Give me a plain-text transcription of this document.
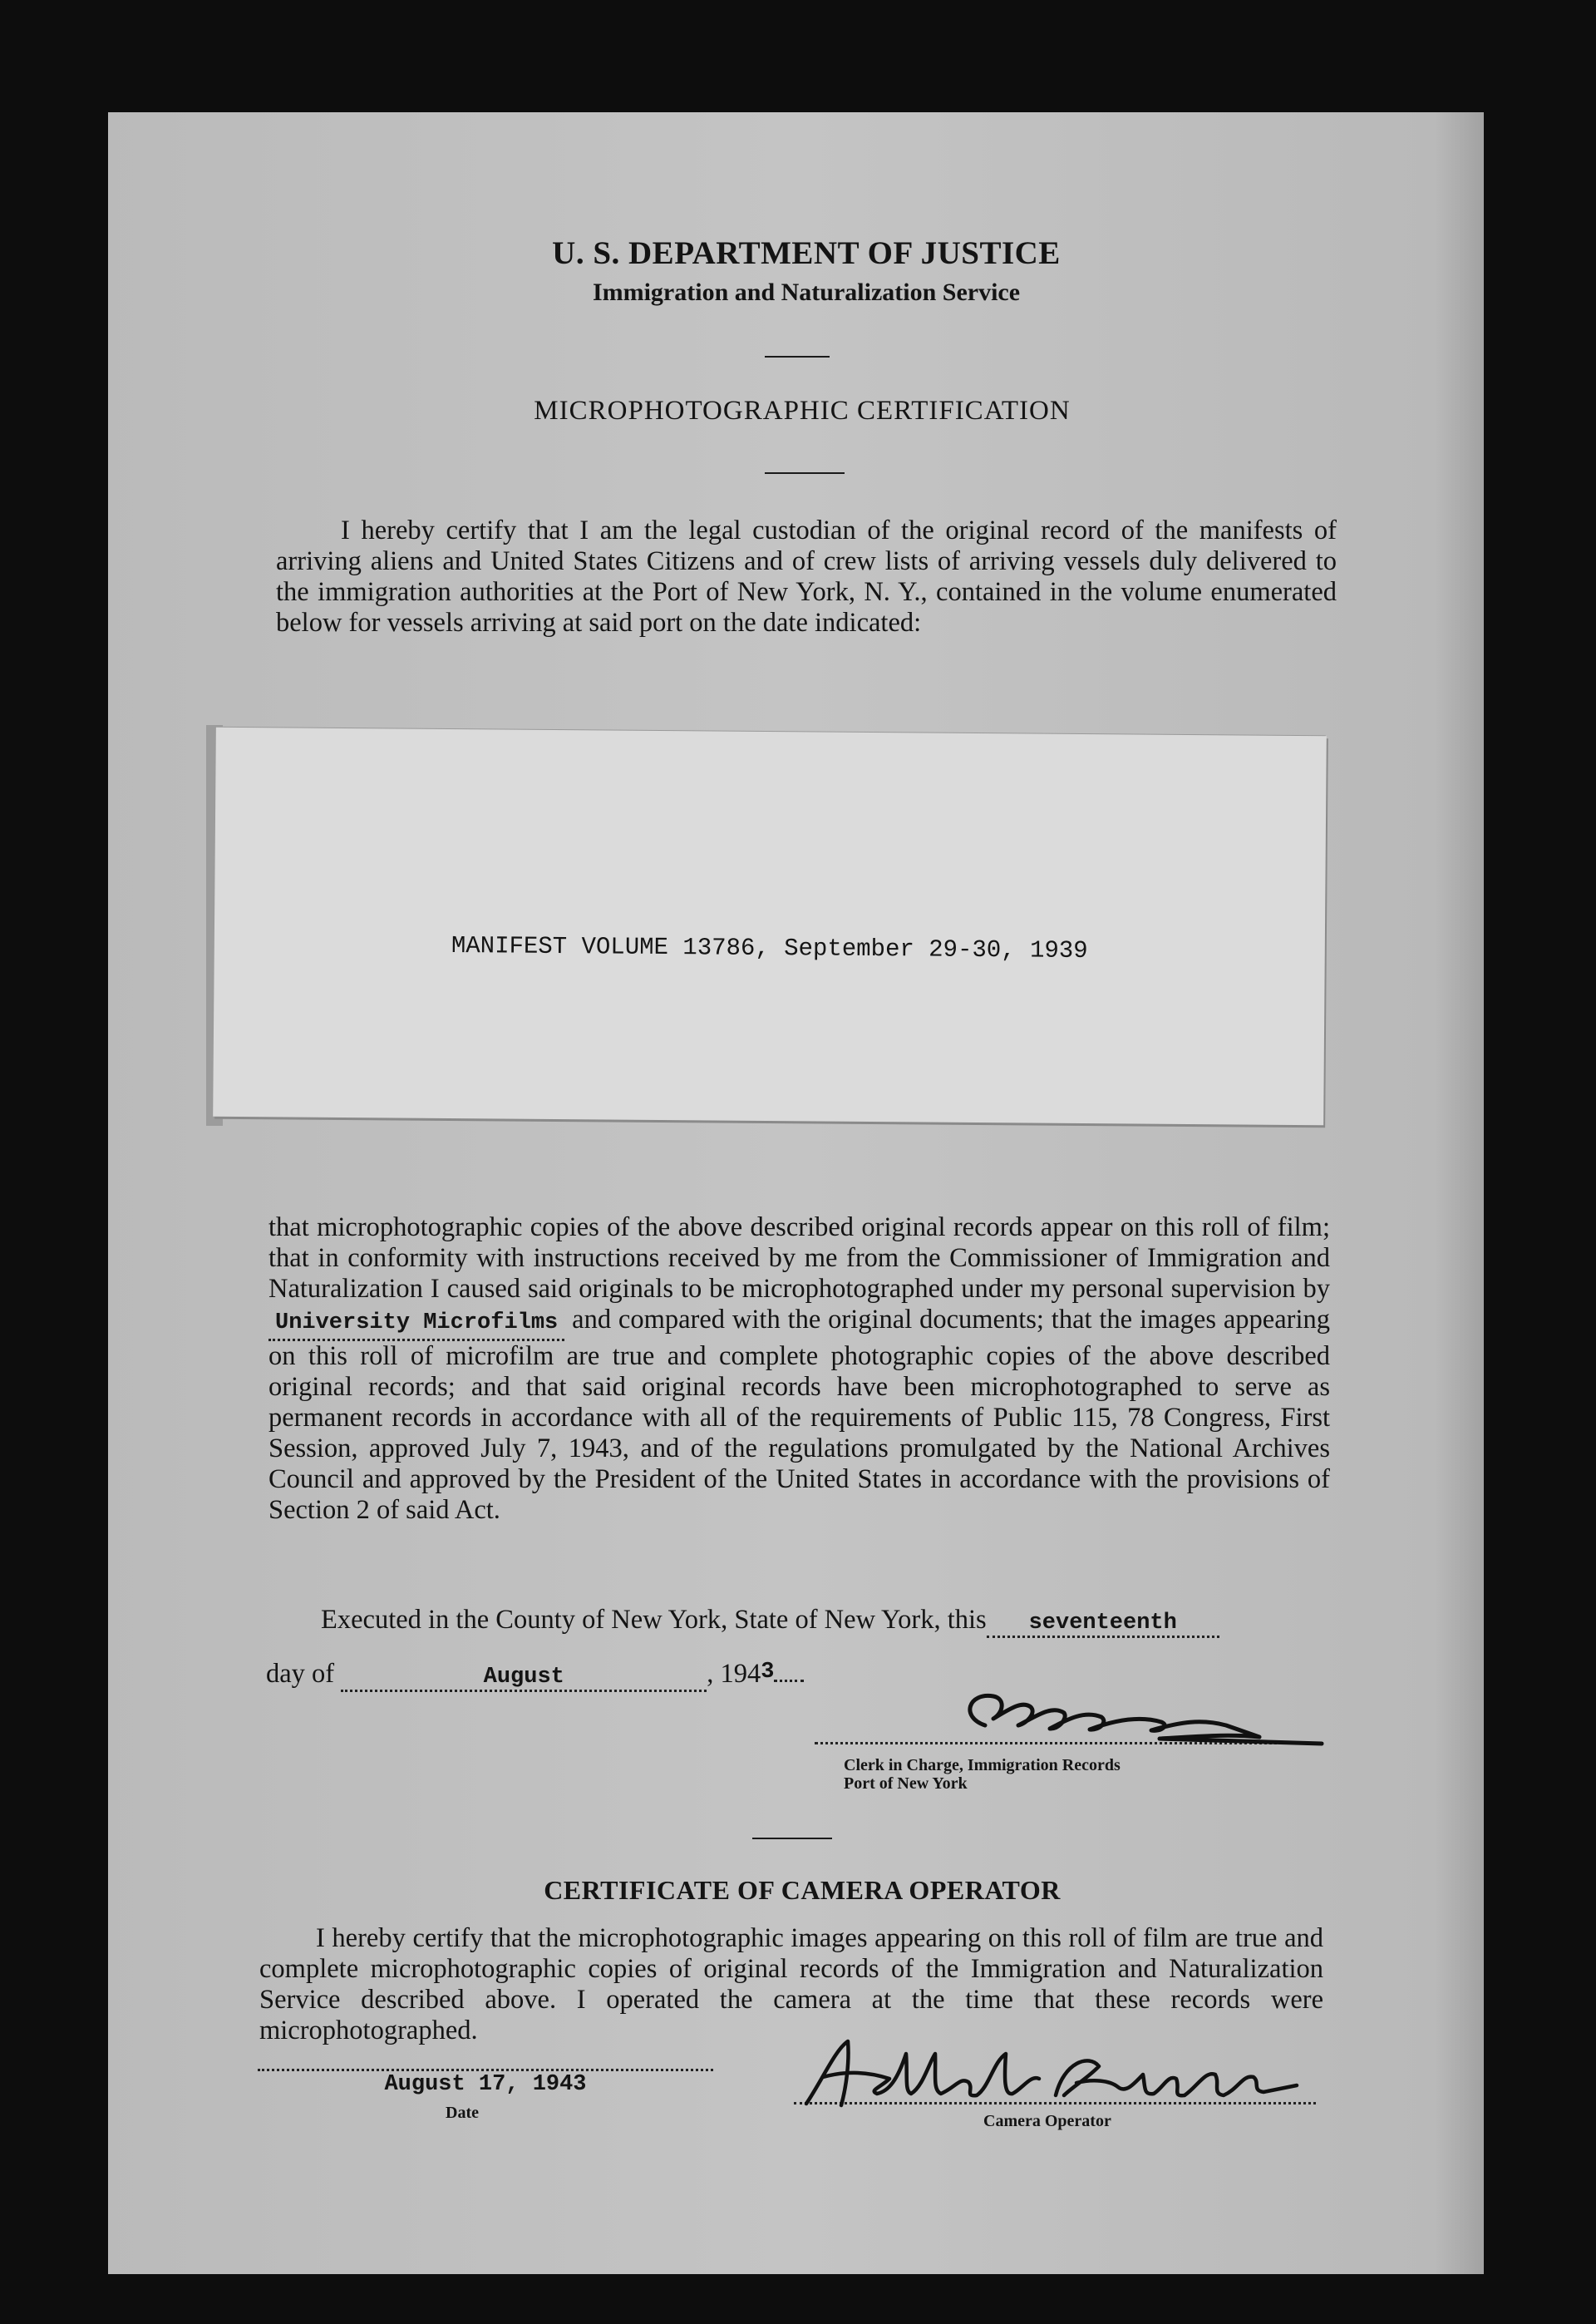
U. S. DEPARTMENT OF JUSTICE
Immigration and Naturalization Service
MICROPHOTOGRAPHIC CERTIFICATION
I hereby certify that I am the legal custodian of the original record of the manifests of arriving aliens and United States Citizens and of crew lists of arriving vessels duly delivered to the immigration authorities at the Port of New York, N. Y., contained in the volume enumerated below for vessels arriving at said port on the date indicated:
MANIFEST VOLUME 13786, September 29-30, 1939
that microphotographic copies of the above described original records appear on this roll of film; that in conformity with instructions received by me from the Commissioner of Immigration and Naturalization I caused said originals to be microphotographed under my personal supervision byUniversity Microfilms and compared with the original documents; that the images appearing on this roll of microfilm are true and complete photographic copies of the above described original records; and that said original records have been microphotographed to serve as permanent records in accordance with all of the requirements of Public 115, 78 Congress, First Session, approved July 7, 1943, and of the regulations promulgated by the National Archives Council and approved by the President of the United States in accordance with the provisions of Section 2 of said Act.
Executed in the County of New York, State of New York, this seventeenth
day of	August	, 1943
Clerk in Charge, Immigration Records
Port of New York
CERTIFICATE OF CAMERA OPERATOR
I hereby certify that the microphotographic images appearing on this roll of film are true and complete microphotographic copies of original records of the Immigration and Naturalization Service described above. I operated the camera at the time that these records were microphotographed.
August 17, 1943
Date	Camera Operator
